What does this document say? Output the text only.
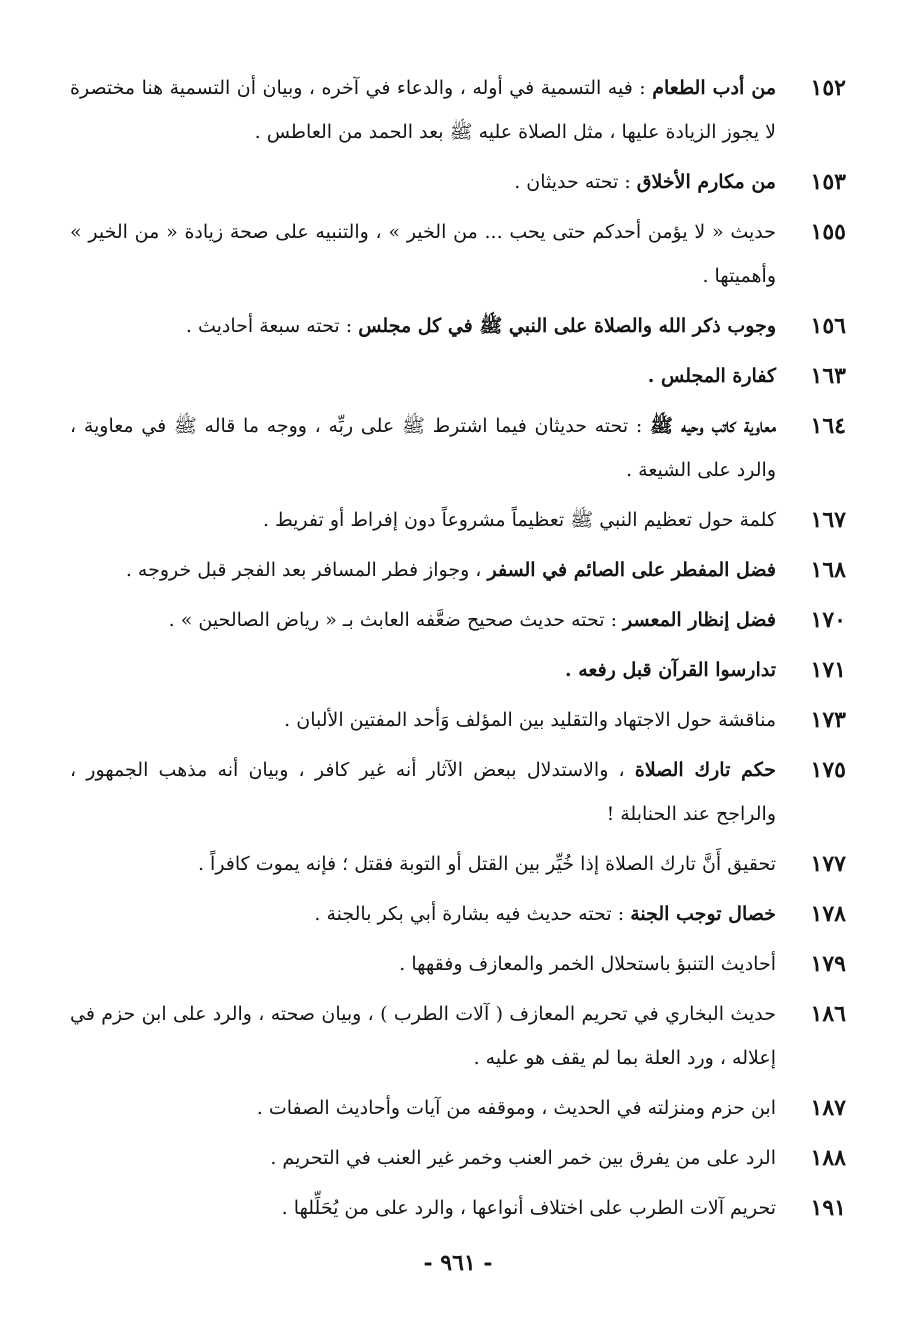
١٥٢
من أدب الطعام : فيه التسمية في أوله ، والدعاء في آخره ، وبيان أن التسمية هنا مختصرة لا يجوز الزيادة عليها ، مثل الصلاة عليه ﷺ بعد الحمد من العاطس .
١٥٣
من مكارم الأخلاق : تحته حديثان .
١٥٥
حديث « لا يؤمن أحدكم حتى يحب ... من الخير » ، والتنبيه على صحة زيادة « من الخير » وأهميتها .
١٥٦
وجوب ذكر الله والصلاة على النبي ﷺ في كل مجلس : تحته سبعة أحاديث .
١٦٣
كفارة المجلس .
١٦٤
معاوية كاتب وحيه ﷺ : تحته حديثان فيما اشترط ﷺ على ربِّه ، ووجه ما قاله ﷺ في معاوية ، والرد على الشيعة .
١٦٧
كلمة حول تعظيم النبي ﷺ تعظيماً مشروعاً دون إفراط أو تفريط .
١٦٨
فضل المفطر على الصائم في السفر ، وجواز فطر المسافر بعد الفجر قبل خروجه .
١٧٠
فضل إنظار المعسر : تحته حديث صحيح ضعَّفه العابث بـ « رياض الصالحين » .
١٧١
تدارسوا القرآن قبل رفعه .
١٧٣
مناقشة حول الاجتهاد والتقليد بين المؤلف وَأحد المفتين الألبان .
١٧٥
حكم تارك الصلاة ، والاستدلال ببعض الآثار أنه غير كافر ، وبيان أنه مذهب الجمهور ، والراجح عند الحنابلة !
١٧٧
تحقيق أَنَّ تارك الصلاة إذا خُيِّر بين القتل أو التوبة فقتل ؛ فإنه يموت كافراً .
١٧٨
خصال توجب الجنة : تحته حديث فيه بشارة أبي بكر بالجنة .
١٧٩
أحاديث التنبؤ باستحلال الخمر والمعازف وفقهها .
١٨٦
حديث البخاري في تحريم المعازف ( آلات الطرب ) ، وبيان صحته ، والرد على ابن حزم في إعلاله ، ورد العلة بما لم يقف هو عليه .
١٨٧
ابن حزم ومنزلته في الحديث ، وموقفه من آيات وأحاديث الصفات .
١٨٨
الرد على من يفرق بين خمر العنب وخمر غير العنب في التحريم .
١٩١
تحريم آلات الطرب على اختلاف أنواعها ، والرد على من يُحَلِّلها .
- ٩٦١ -
